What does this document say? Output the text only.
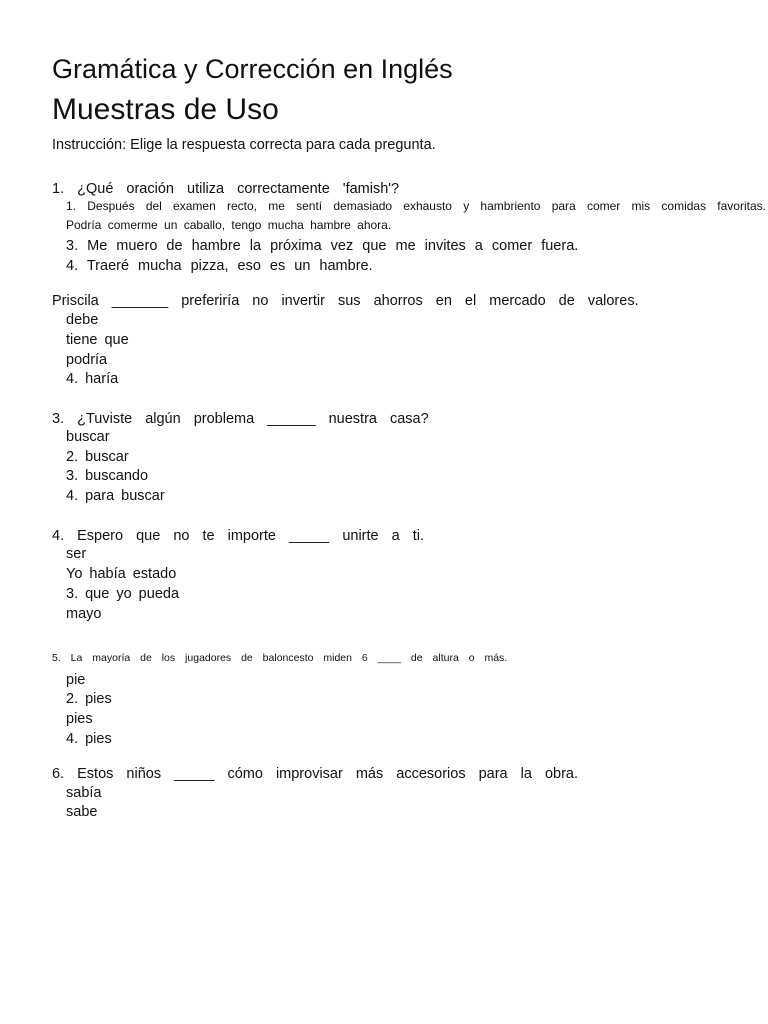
Gramática y Corrección en Inglés
Muestras de Uso

Instrucción: Elige la respuesta correcta para cada pregunta.

1. ¿Qué oración utiliza correctamente 'famish'?

1. Después del examen recto, me sentí demasiado exhausto y hambriento para comer mis comidas favoritas.

Podría comerme un caballo, tengo mucha hambre ahora.

3. Me muero de hambre la próxima vez que me invites a comer fuera.

4. Traeré mucha pizza, eso es un hambre.

Priscila _______ preferiría no invertir sus ahorros en el mercado de valores.

debe

tiene que

podría

4. haría

3. ¿Tuviste algún problema ______ nuestra casa?

buscar

2. buscar

3. buscando

4. para buscar

4. Espero que no te importe _____ unirte a ti.

ser

Yo había estado

3. que yo pueda

mayo

5. La mayoría de los jugadores de baloncesto miden 6 ____ de altura o más.

pie

2. pies

pies

4. pies

6. Estos niños _____ cómo improvisar más accesorios para la obra.

sabía

sabe
